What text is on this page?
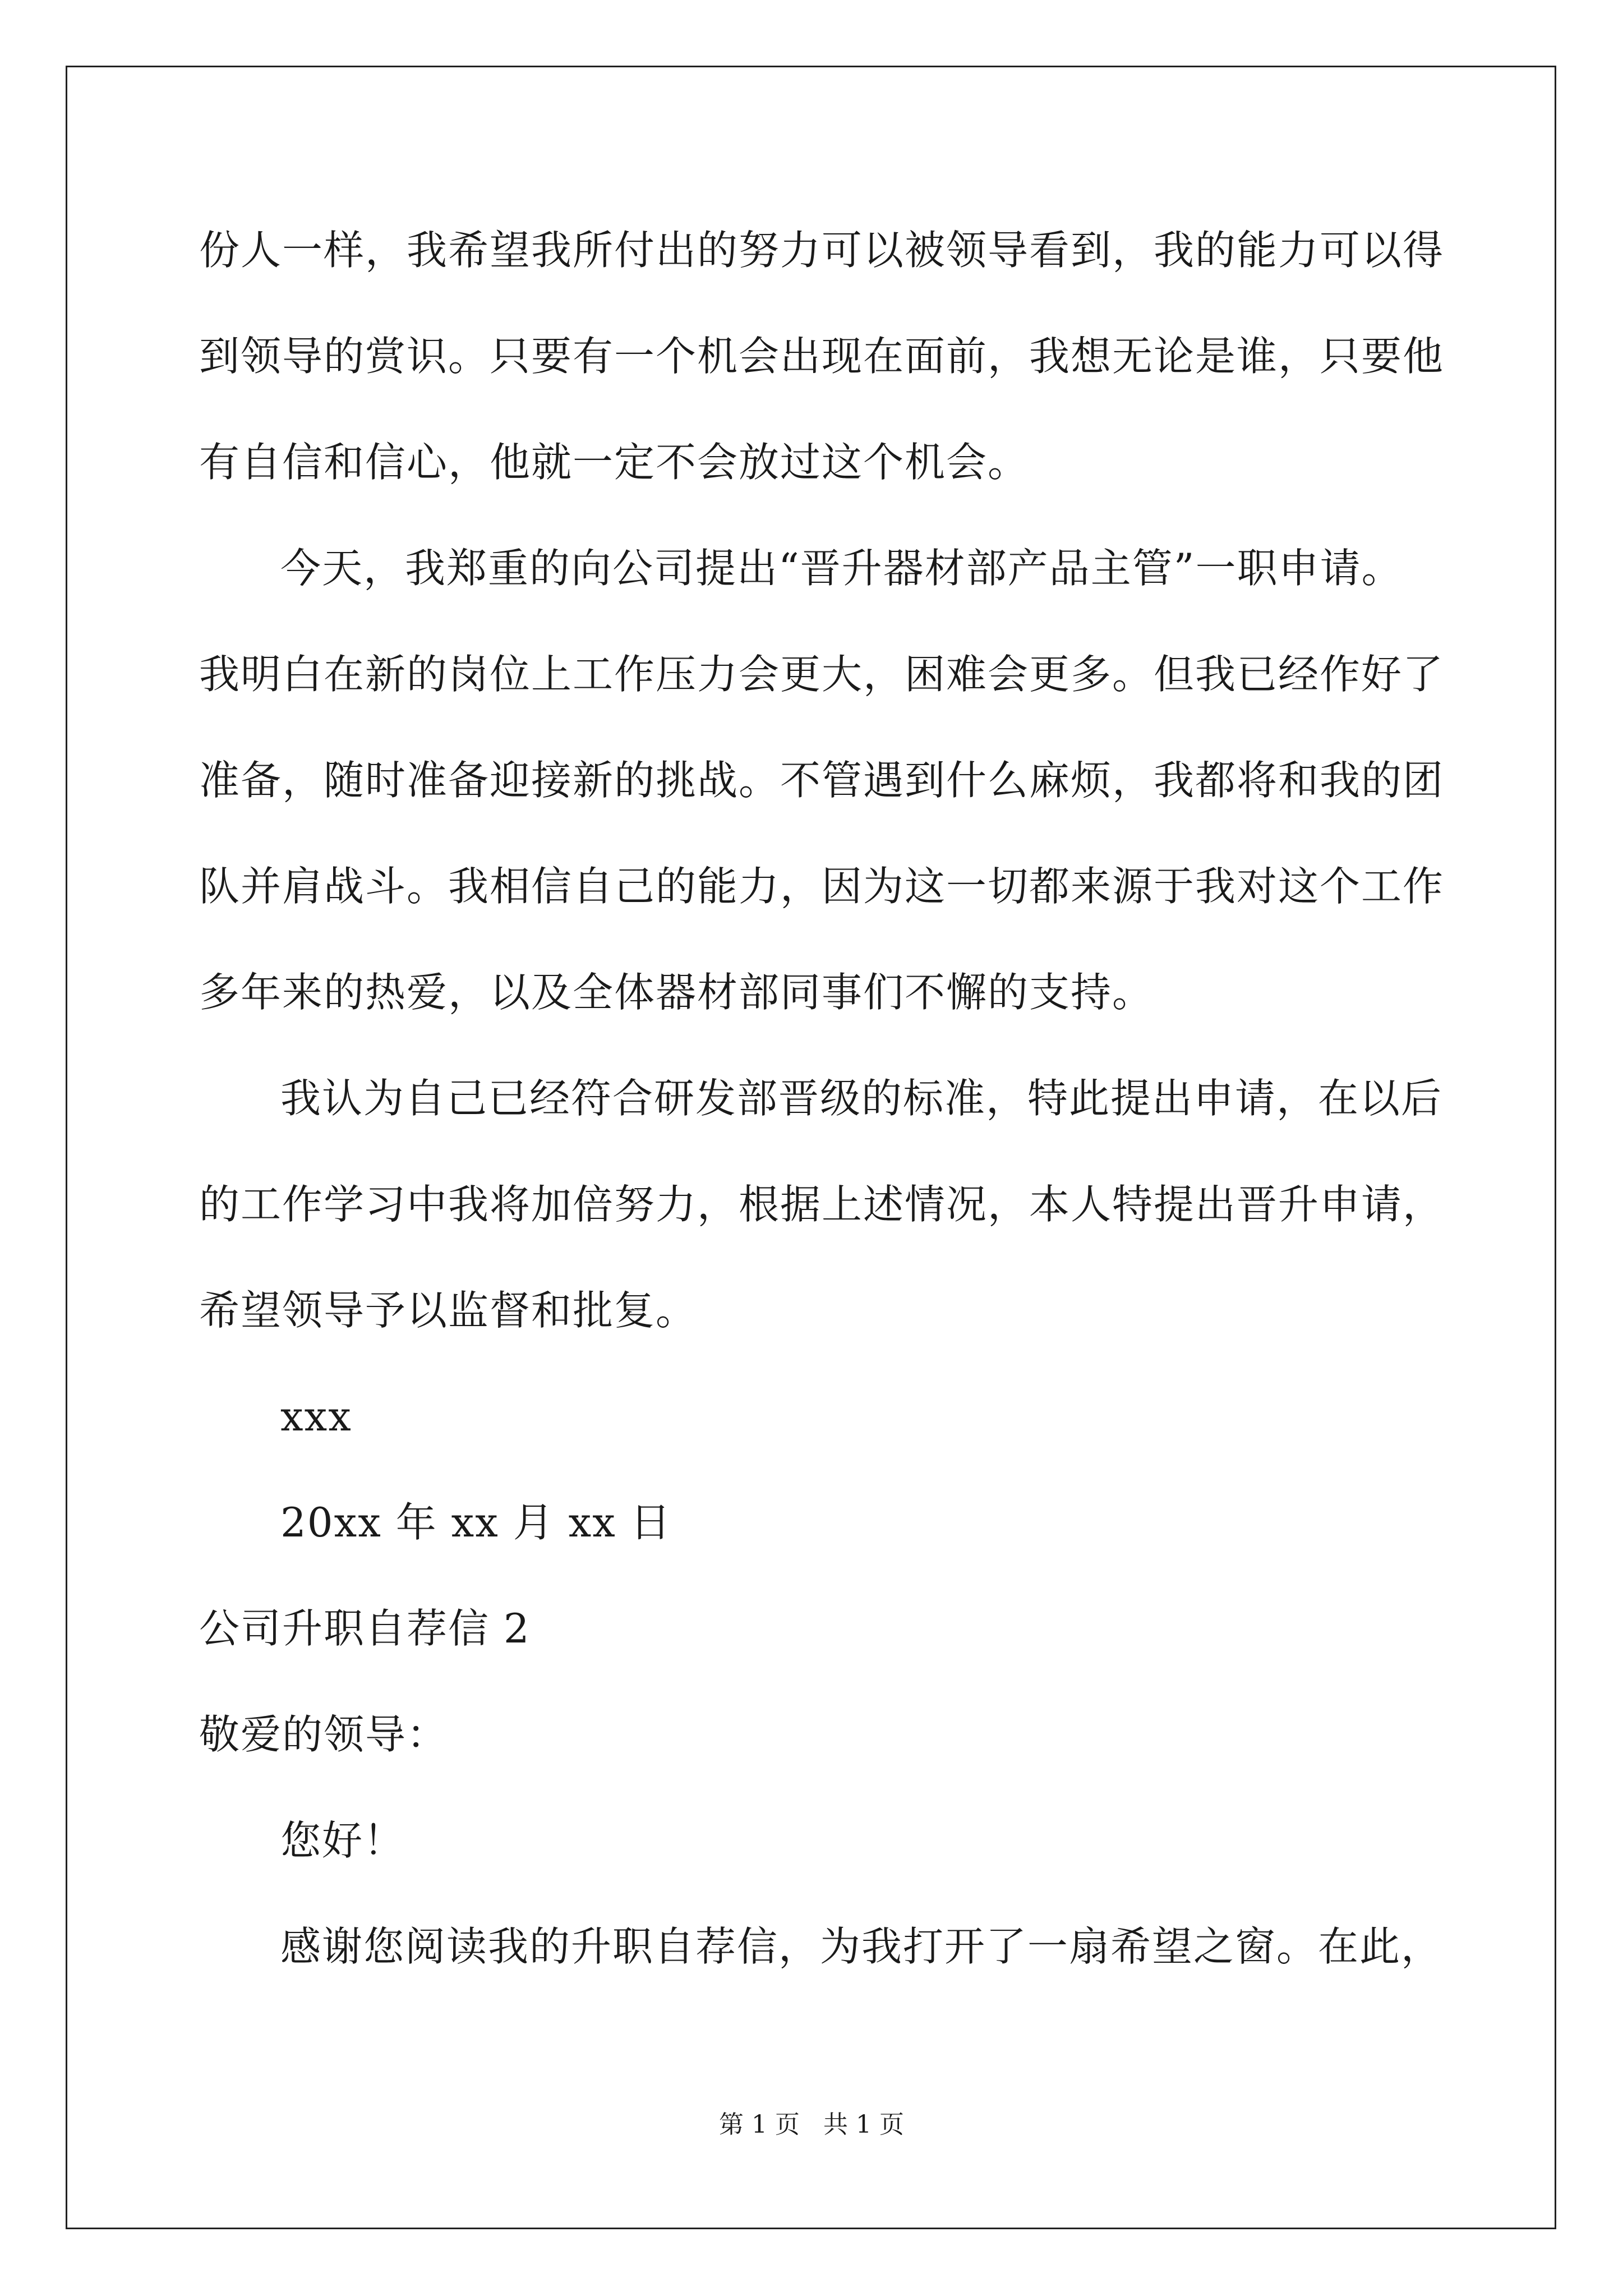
份人一样，我希望我所付出的努力可以被领导看到，我的能力可以得
到领导的赏识。只要有一个机会出现在面前，我想无论是谁，只要他
有自信和信心，他就一定不会放过这个机会。
今天，我郑重的向公司提出“晋升器材部产品主管”一职申请。
我明白在新的岗位上工作压力会更大，困难会更多。但我已经作好了
准备，随时准备迎接新的挑战。不管遇到什么麻烦，我都将和我的团
队并肩战斗。我相信自己的能力，因为这一切都来源于我对这个工作
多年来的热爱，以及全体器材部同事们不懈的支持。
我认为自己已经符合研发部晋级的标准，特此提出申请，在以后
的工作学习中我将加倍努力，根据上述情况，本人特提出晋升申请，
希望领导予以监督和批复。
xxx
20xx 年 xx 月 xx 日
公司升职自荐信 2
敬爱的领导：
您好！
感谢您阅读我的升职自荐信，为我打开了一扇希望之窗。在此，
第 1 页   共 1 页
